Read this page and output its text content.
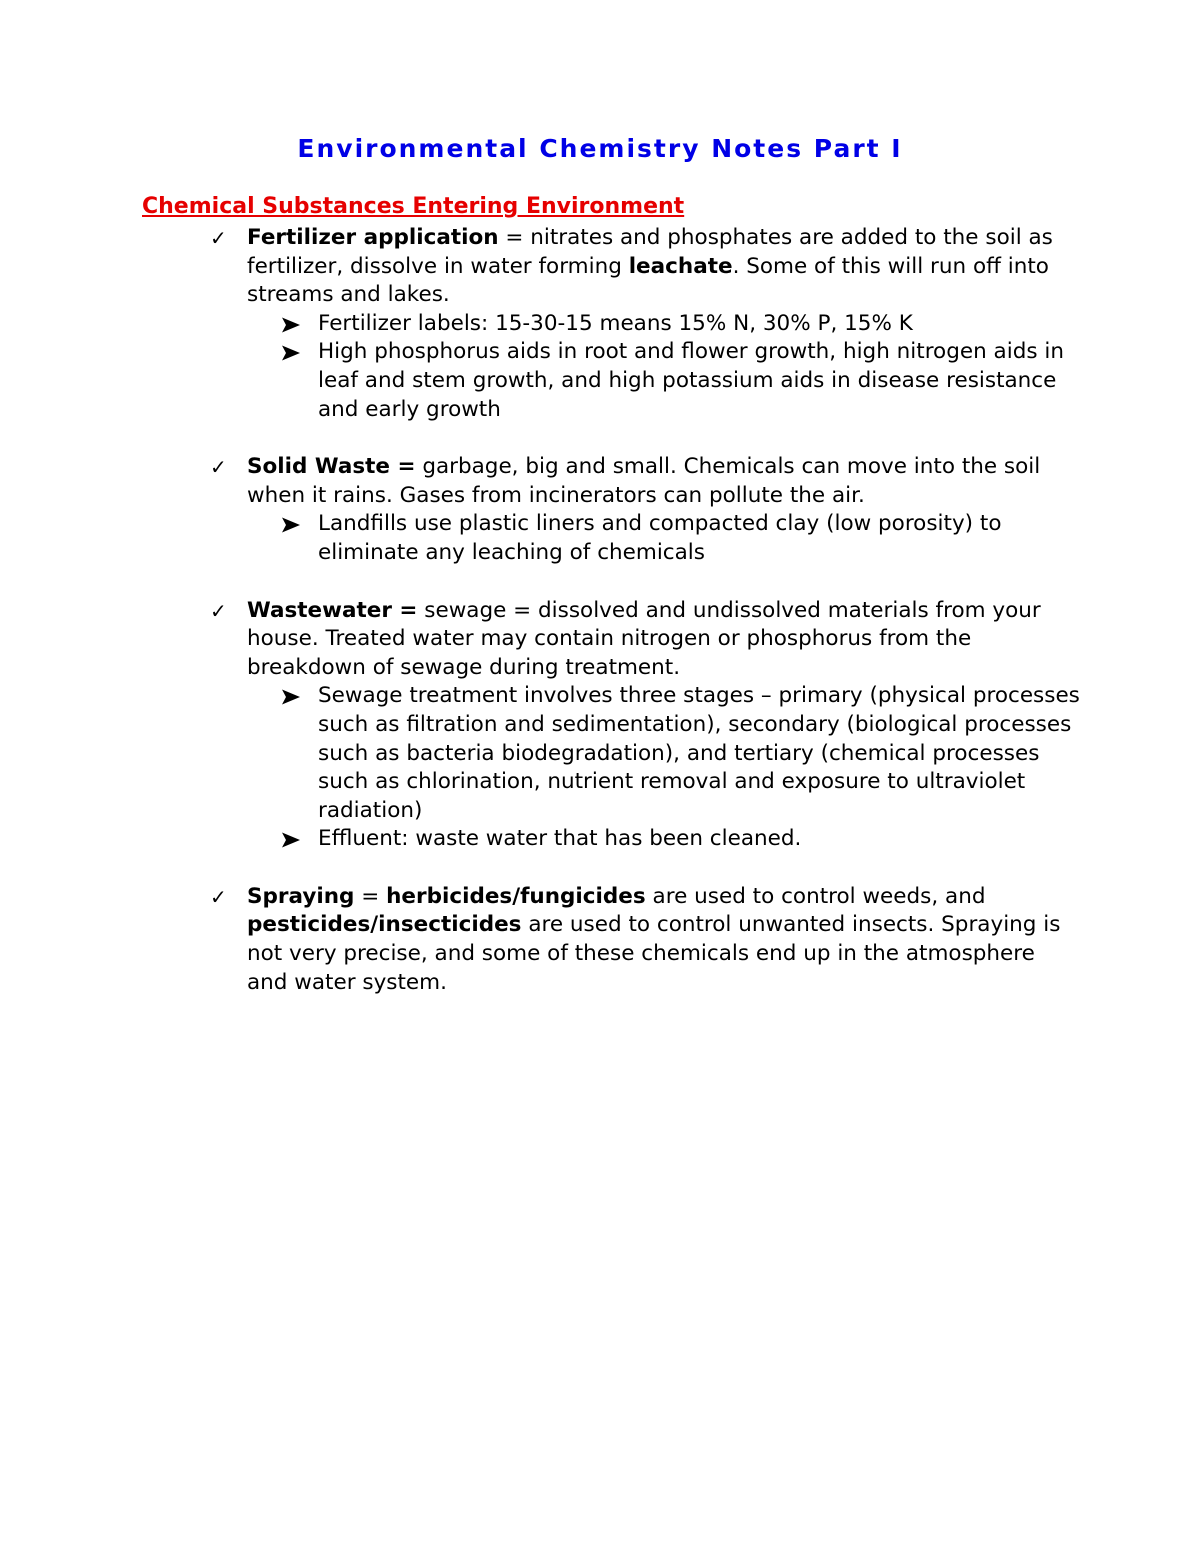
Environmental Chemistry Notes Part I
Chemical Substances Entering Environment
✓ Fertilizer application = nitrates and phosphates are added to the soil as fertilizer, dissolve in water forming leachate. Some of this will run off into streams and lakes.
Fertilizer labels: 15-30-15 means 15% N, 30% P, 15% K
High phosphorus aids in root and flower growth, high nitrogen aids in leaf and stem growth, and high potassium aids in disease resistance and early growth
✓ Solid Waste = garbage, big and small. Chemicals can move into the soil when it rains. Gases from incinerators can pollute the air.
Landfills use plastic liners and compacted clay (low porosity) to eliminate any leaching of chemicals
✓ Wastewater = sewage = dissolved and undissolved materials from your house. Treated water may contain nitrogen or phosphorus from the breakdown of sewage during treatment.
Sewage treatment involves three stages – primary (physical processes such as filtration and sedimentation), secondary (biological processes such as bacteria biodegradation), and tertiary (chemical processes such as chlorination, nutrient removal and exposure to ultraviolet radiation)
Effluent: waste water that has been cleaned.
✓ Spraying = herbicides/fungicides are used to control weeds, and pesticides/insecticides are used to control unwanted insects. Spraying is not very precise, and some of these chemicals end up in the atmosphere and water system.
